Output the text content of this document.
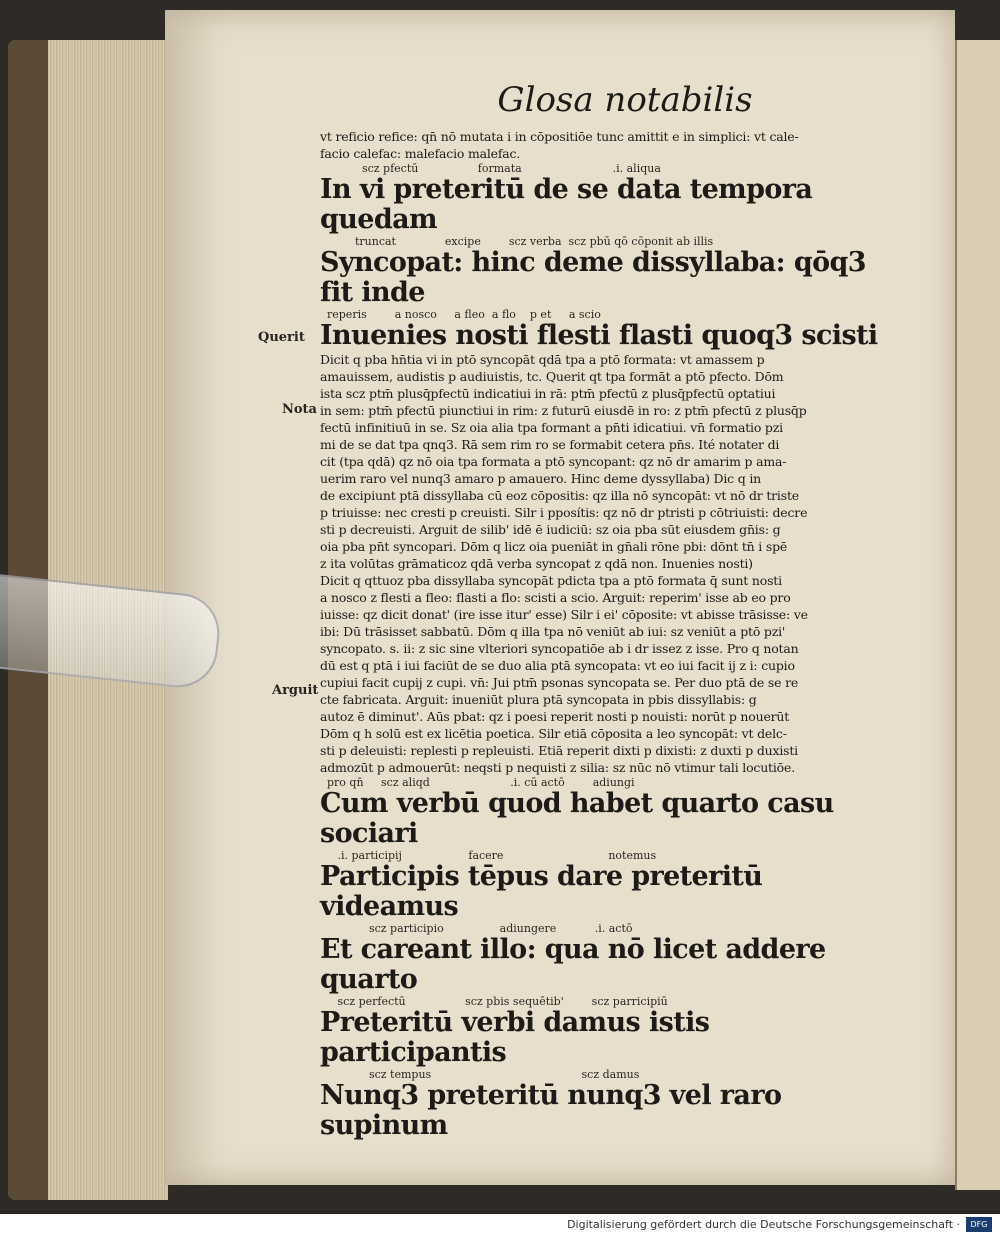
Querit
Nota
Arguit
Glosa notabilis
vt reficio refice: qn̄ nō mutata i in cōpositiōe tunc amittit e in simplici: vt cale-
facio calefac: malefacio malefac.
scz pfectū                 formata                          .i. aliqua
In vi preteritū de se data tempora quedam
truncat              excipe        scz verba  scz pbū qō cōponit ab illis
Syncopat: hinc deme dissyllaba: qōq3 fit inde
reperis        a nosco     a fleo  a flo    p et     a scio
Inuenies nosti flesti flasti quoq3 scisti
Dicit q pba hn̄tia vi in ptō syncopāt qdā tpa a ptō formata: vt amassem p
amauissem, audistis p audiuistis, tc. Querit qt tpa formāt a ptō pfecto. Dōm
ista scz ptm̄ plusq̄pfectū indicatiui in rā: ptm̄ pfectū z plusq̄pfectū optatiui
in sem: ptm̄ pfectū piunctiui in rim: z futurū eiusdē in ro: z ptm̄ pfectū z plusq̄p
fectū infinitiuū in se. Sz oia alia tpa formant a pn̄ti idicatiui. vn̄ formatio pzi
mi de se dat tpa qnq3. Rā sem rim ro se formabit cetera pn̄s. Ité notater di
cit (tpa qdā) qz nō oia tpa formata a ptō syncopant: qz nō dr amarim p ama-
uerim raro vel nunq3 amaro p amauero. Hinc deme dyssyllaba) Dic q in
de excipiunt ptā dissyllaba cū eoz cōpositis: qz illa nō syncopāt: vt nō dr triste
p triuisse: nec cresti p creuisti. Silr i pposítis: qz nō dr ptristi p cōtriuisti: decre
sti p decreuisti. Arguit de silib' idē ē iudiciū: sz oia pba sūt eiusdem gn̄is: g
oia pba pn̄t syncopari. Dōm q licz oia pueniāt in gn̄ali rōne pbi: dōnt tn̄ i spē
z ita volūtas grāmaticoz qdā verba syncopat z qdā non. Inuenies nosti)
Dicit q qttuoz pba dissyllaba syncopāt pdicta tpa a ptō formata q̄ sunt nosti
a nosco z flesti a fleo: flasti a flo: scisti a scio. Arguit: reperim' isse ab eo pro
iuisse: qz dicit donat' (ire isse itur' esse) Silr i ei' cōposite: vt abisse trāsisse: ve
ibi: Dū trāsisset sabbatū. Dōm q illa tpa nō veniūt ab iui: sz veniūt a ptō pzi'
syncopato. s. ii: z sic sine vlteriori syncopatiōe ab i dr issez z isse. Pro q notan
dū est q ptā i iui faciūt de se duo alia ptā syncopata: vt eo iui facit ij z i: cupio
cupiui facit cupij z cupi. vn̄: Jui ptm̄ psonas syncopata se. Per duo ptā de se re
cte fabricata. Arguit: inueniūt plura ptā syncopata in pbis dissyllabis: g
autoz ē diminut'. Aūs pbat: qz i poesi reperit nosti p nouisti: norūt p nouerūt
Dōm q h solū est ex licētia poetica. Silr etiā cōposita a leo syncopāt: vt delc-
sti p deleuisti: replesti p repleuisti. Etiā reperit dixti p dixisti: z duxti p duxisti
admozūt p admouerūt: neqsti p nequisti z silia: sz nūc nō vtimur tali locutiōe.
pro qn̄     scz aliqd                       .i. cū actō        adiungi
Cum verbū quod habet quarto casu sociari
.i. participij                   facere                              notemus
Participis tēpus dare preteritū videamus
scz participio                adiungere           .i. actō
Et careant illo: qua nō licet addere quarto
scz perfectū                 scz pbis sequētib'        scz parricipiū
Preteritū verbi damus istis participantis
scz tempus                                           scz damus
Nunq3 preteritū nunq3 vel raro supinum
Digitalisierung gefördert durch die Deutsche Forschungsgemeinschaft ·	DFG
